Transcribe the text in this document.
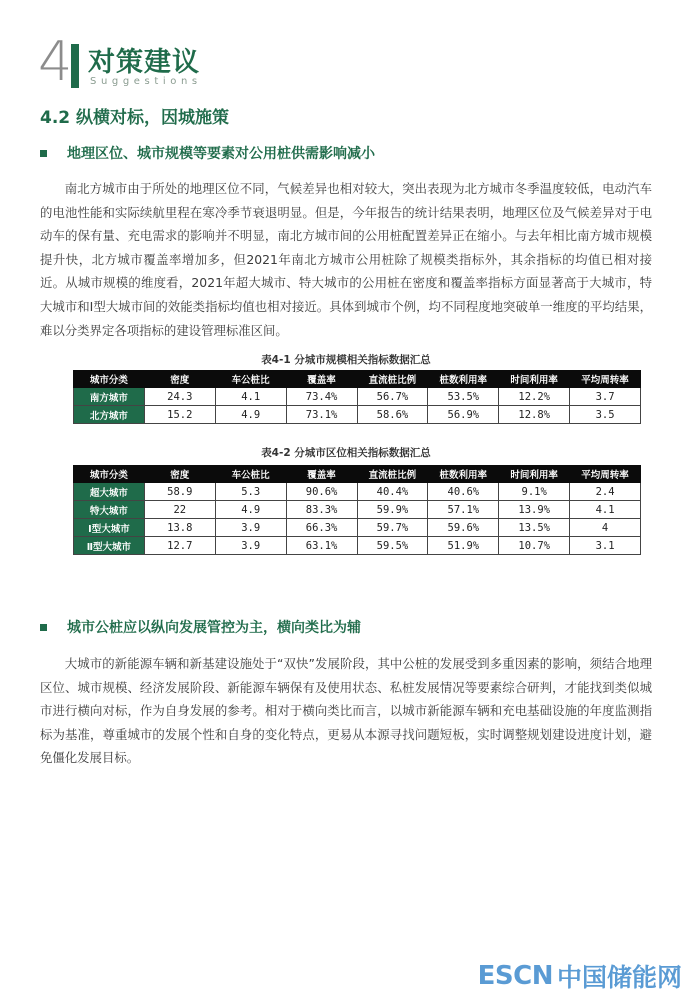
4 对策建议
Suggestions
4.2 纵横对标，因城施策
地理区位、城市规模等要素对公用桩供需影响减小
南北方城市由于所处的地理区位不同，气候差异也相对较大，突出表现为北方城市冬季温度较低，电动汽车的电池性能和实际续航里程在寒冷季节衰退明显。但是，今年报告的统计结果表明，地理区位及气候差异对于电动车的保有量、充电需求的影响并不明显，南北方城市间的公用桩配置差异正在缩小。与去年相比南方城市规模提升快，北方城市覆盖率增加多，但2021年南北方城市公用桩除了规模类指标外，其余指标的均值已相对接近。从城市规模的维度看，2021年超大城市、特大城市的公用桩在密度和覆盖率指标方面显著高于大城市，特大城市和Ⅰ型大城市间的效能类指标均值也相对接近。具体到城市个例，均不同程度地突破单一维度的平均结果，难以分类界定各项指标的建设管理标准区间。
表4-1 分城市规模相关指标数据汇总
城市分类	密度	车公桩比	覆盖率	直流桩比例	桩数利用率	时间利用率	平均周转率
南方城市	24.3	4.1	73.4%	56.7%	53.5%	12.2%	3.7
北方城市	15.2	4.9	73.1%	58.6%	56.9%	12.8%	3.5
表4-2 分城市区位相关指标数据汇总
城市分类	密度	车公桩比	覆盖率	直流桩比例	桩数利用率	时间利用率	平均周转率
超大城市	58.9	5.3	90.6%	40.4%	40.6%	9.1%	2.4
特大城市	22	4.9	83.3%	59.9%	57.1%	13.9%	4.1
Ⅰ型大城市	13.8	3.9	66.3%	59.7%	59.6%	13.5%	4
Ⅱ型大城市	12.7	3.9	63.1%	59.5%	51.9%	10.7%	3.1
城市公桩应以纵向发展管控为主，横向类比为辅
大城市的新能源车辆和新基建设施处于“双快”发展阶段，其中公桩的发展受到多重因素的影响，须结合地理区位、城市规模、经济发展阶段、新能源车辆保有及使用状态、私桩发展情况等要素综合研判，才能找到类似城市进行横向对标，作为自身发展的参考。相对于横向类比而言，以城市新能源车辆和充电基础设施的年度监测指标为基准，尊重城市的发展个性和自身的变化特点，更易从本源寻找问题短板，实时调整规划建设进度计划，避免僵化发展目标。
ESCN 中国储能网
